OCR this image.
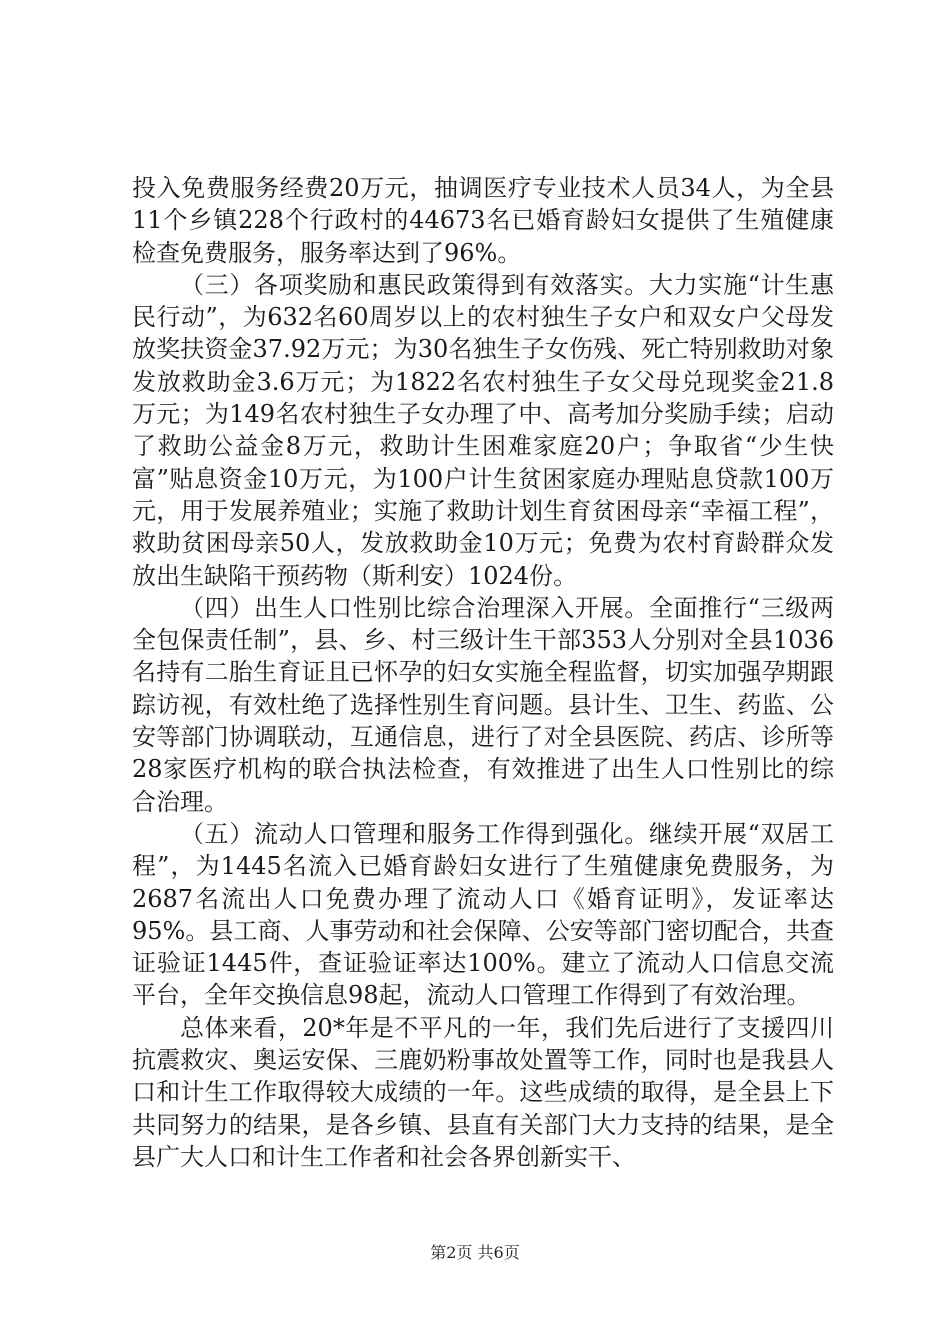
投入免费服务经费20万元，抽调医疗专业技术人员34人，为全县11个乡镇228个行政村的44673名已婚育龄妇女提供了生殖健康检查免费服务，服务率达到了96%。

（三）各项奖励和惠民政策得到有效落实。大力实施“计生惠民行动”，为632名60周岁以上的农村独生子女户和双女户父母发放奖扶资金37.92万元；为30名独生子女伤残、死亡特别救助对象发放救助金3.6万元；为1822名农村独生子女父母兑现奖金21.8万元；为149名农村独生子女办理了中、高考加分奖励手续；启动了救助公益金8万元，救助计生困难家庭20户；争取省“少生快富”贴息资金10万元，为100户计生贫困家庭办理贴息贷款100万元，用于发展养殖业；实施了救助计划生育贫困母亲“幸福工程”，救助贫困母亲50人，发放救助金10万元；免费为农村育龄群众发放出生缺陷干预药物（斯利安）1024份。

（四）出生人口性别比综合治理深入开展。全面推行“三级两全包保责任制”，县、乡、村三级计生干部353人分别对全县1036名持有二胎生育证且已怀孕的妇女实施全程监督，切实加强孕期跟踪访视，有效杜绝了选择性别生育问题。县计生、卫生、药监、公安等部门协调联动，互通信息，进行了对全县医院、药店、诊所等28家医疗机构的联合执法检查，有效推进了出生人口性别比的综合治理。

（五）流动人口管理和服务工作得到强化。继续开展“双居工程”，为1445名流入已婚育龄妇女进行了生殖健康免费服务，为2687名流出人口免费办理了流动人口《婚育证明》，发证率达95%。县工商、人事劳动和社会保障、公安等部门密切配合，共查证验证1445件，查证验证率达100%。建立了流动人口信息交流平台，全年交换信息98起，流动人口管理工作得到了有效治理。

总体来看，20*年是不平凡的一年，我们先后进行了支援四川抗震救灾、奥运安保、三鹿奶粉事故处置等工作，同时也是我县人口和计生工作取得较大成绩的一年。这些成绩的取得，是全县上下共同努力的结果，是各乡镇、县直有关部门大力支持的结果，是全县广大人口和计生工作者和社会各界创新实干、

第2页 共6页
